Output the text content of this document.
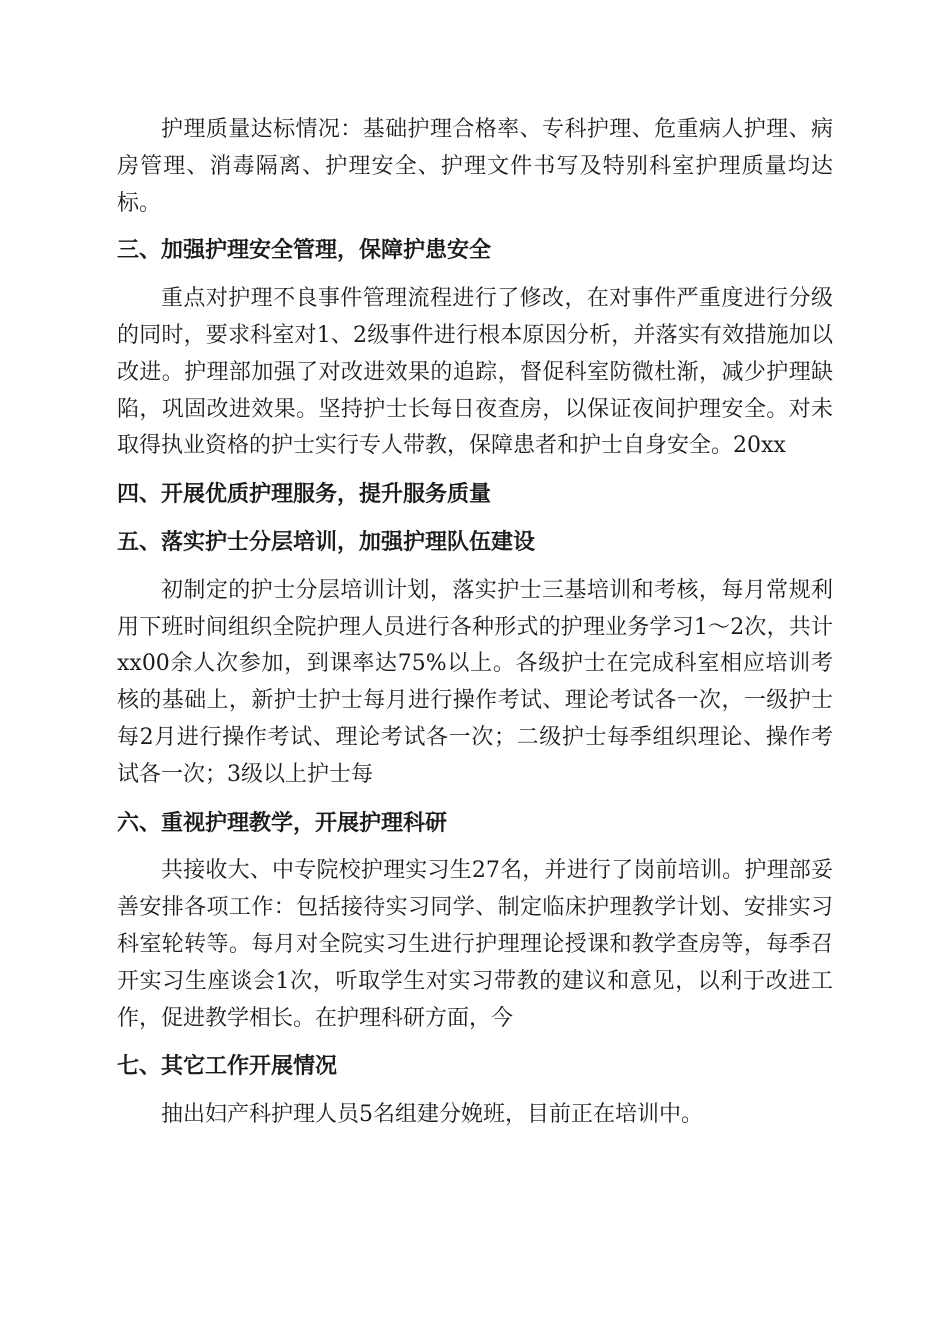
护理质量达标情况：基础护理合格率、专科护理、危重病人护理、病房管理、消毒隔离、护理安全、护理文件书写及特别科室护理质量均达标。

三、加强护理安全管理，保障护患安全

重点对护理不良事件管理流程进行了修改，在对事件严重度进行分级的同时，要求科室对1、2级事件进行根本原因分析，并落实有效措施加以改进。护理部加强了对改进效果的追踪，督促科室防微杜渐，减少护理缺陷，巩固改进效果。坚持护士长每日夜查房，以保证夜间护理安全。对未取得执业资格的护士实行专人带教，保障患者和护士自身安全。20xx

四、开展优质护理服务，提升服务质量
五、落实护士分层培训，加强护理队伍建设

初制定的护士分层培训计划，落实护士三基培训和考核，每月常规利用下班时间组织全院护理人员进行各种形式的护理业务学习1～2次，共计xx00余人次参加，到课率达75%以上。各级护士在完成科室相应培训考核的基础上，新护士护士每月进行操作考试、理论考试各一次，一级护士每2月进行操作考试、理论考试各一次；二级护士每季组织理论、操作考试各一次；3级以上护士每

六、重视护理教学，开展护理科研

共接收大、中专院校护理实习生27名，并进行了岗前培训。护理部妥善安排各项工作：包括接待实习同学、制定临床护理教学计划、安排实习科室轮转等。每月对全院实习生进行护理理论授课和教学查房等，每季召开实习生座谈会1次，听取学生对实习带教的建议和意见，以利于改进工作，促进教学相长。在护理科研方面，今

七、其它工作开展情况

抽出妇产科护理人员5名组建分娩班，目前正在培训中。
